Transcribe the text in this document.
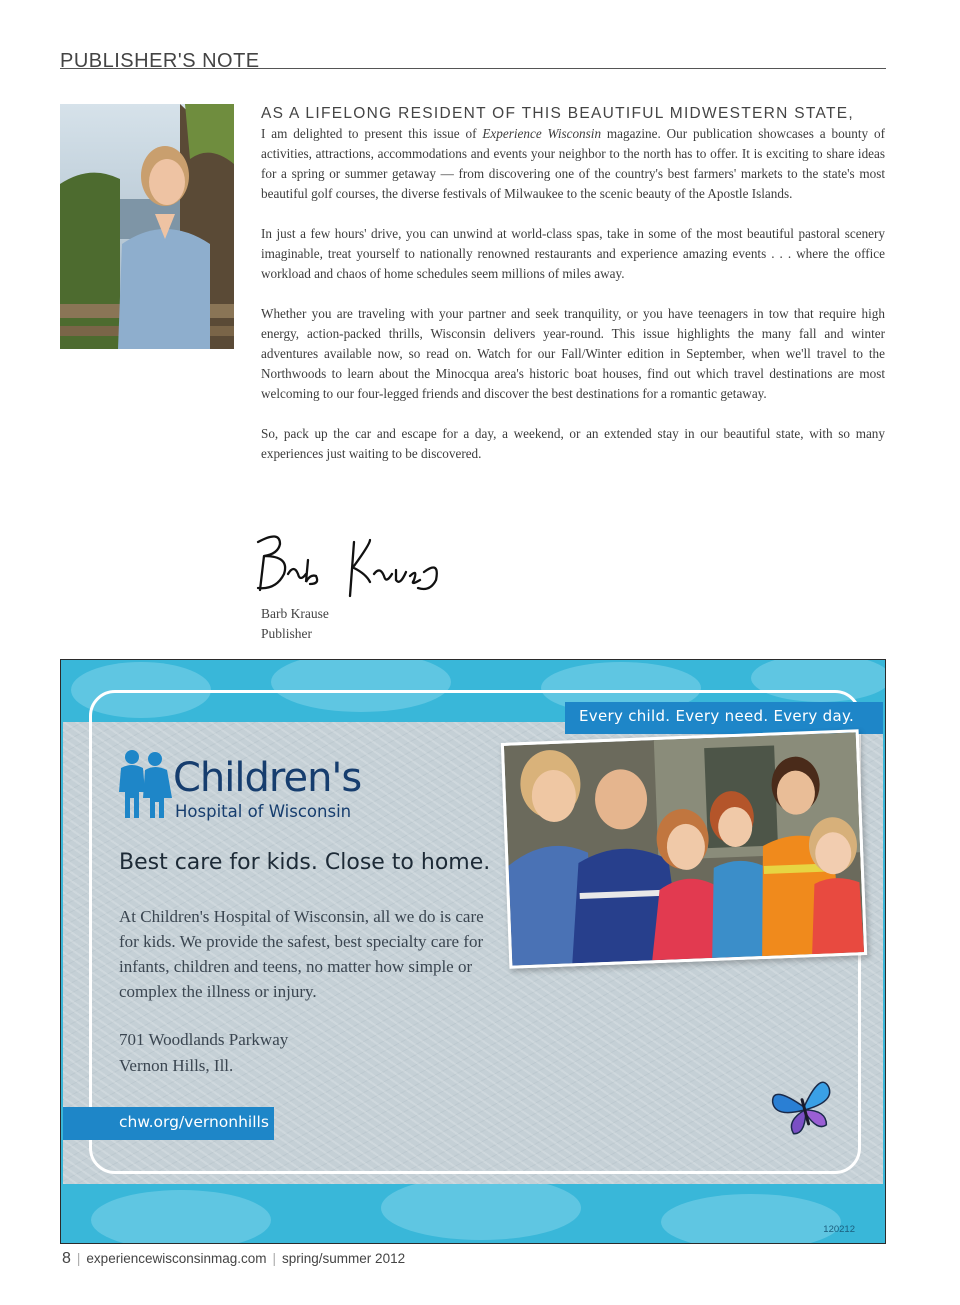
PUBLISHER'S NOTE

AS A LIFELONG RESIDENT OF THIS BEAUTIFUL MIDWESTERN STATE,
I am delighted to present this issue of Experience Wisconsin magazine. Our publication showcases a bounty of activities, attractions, accommodations and events your neighbor to the north has to offer. It is exciting to share ideas for a spring or summer getaway — from discovering one of the country's best farmers' markets to the state's most beautiful golf courses, the diverse festivals of Milwaukee to the scenic beauty of the Apostle Islands.

In just a few hours' drive, you can unwind at world-class spas, take in some of the most beautiful pastoral scenery imaginable, treat yourself to nationally renowned restaurants and experience amazing events . . . where the office workload and chaos of home schedules seem millions of miles away.

Whether you are traveling with your partner and seek tranquility, or you have teenagers in tow that require high energy, action-packed thrills, Wisconsin delivers year-round. This issue highlights the many fall and winter adventures available now, so read on. Watch for our Fall/Winter edition in September, when we'll travel to the Northwoods to learn about the Minocqua area's historic boat houses, find out which travel destinations are most welcoming to our four-legged friends and discover the best destinations for a romantic getaway.

So, pack up the car and escape for a day, a weekend, or an extended stay in our beautiful state, with so many experiences just waiting to be discovered.

Barb Krause
Publisher
Every child. Every need. Every day.
Children's
Hospital of Wisconsin
Best care for kids. Close to home.
At Children's Hospital of Wisconsin, all we do is care for kids. We provide the safest, best specialty care for infants, children and teens, no matter how simple or complex the illness or injury.
701 Woodlands Parkway
Vernon Hills, Ill.
chw.org/vernonhills
120212
8 | experiencewisconsinmag.com | spring/summer 2012
